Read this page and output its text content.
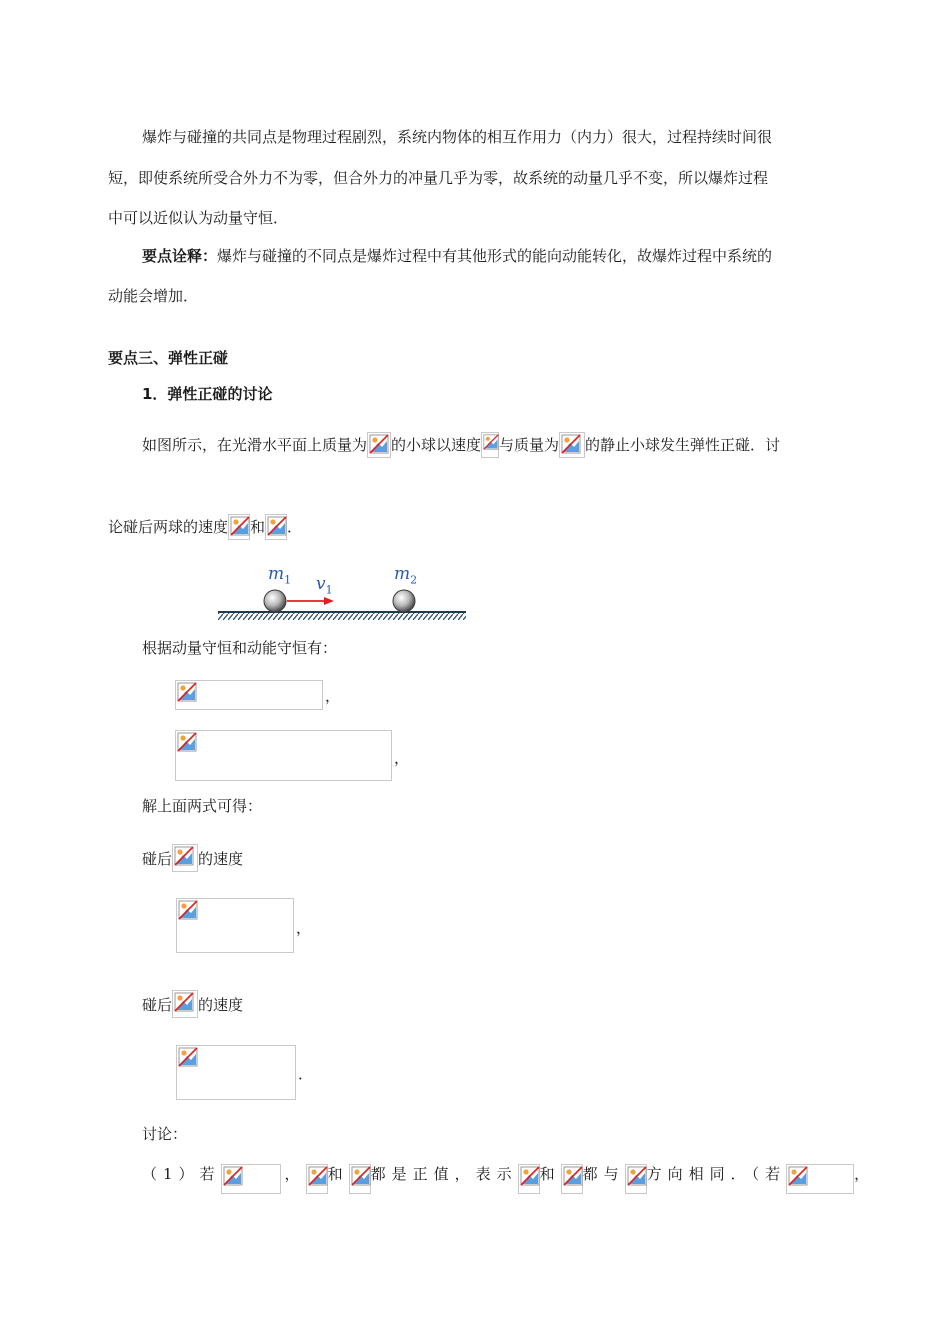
爆炸与碰撞的共同点是物理过程剧烈，系统内物体的相互作用力（内力）很大，过程持续时间很
短，即使系统所受合外力不为零，但合外力的冲量几乎为零，故系统的动量几乎不变，所以爆炸过程
中可以近似认为动量守恒．
要点诠释：爆炸与碰撞的不同点是爆炸过程中有其他形式的能向动能转化，故爆炸过程中系统的
动能会增加．
要点三、弹性正碰
1．弹性正碰的讨论
如图所示，在光滑水平面上质量为 的小球以速度 与质量为 的静止小球发生弹性正碰．讨
论碰后两球的速度 和 ．
$m_1$ $v_1$
$m_2$
根据动量守恒和动能守恒有：
，
，
解上面两式可得：
碰后 的速度
，
碰后 的速度
．
讨论：
（1）若	， 和 都是正值，表示 和 都与 方向相同．（若	，
